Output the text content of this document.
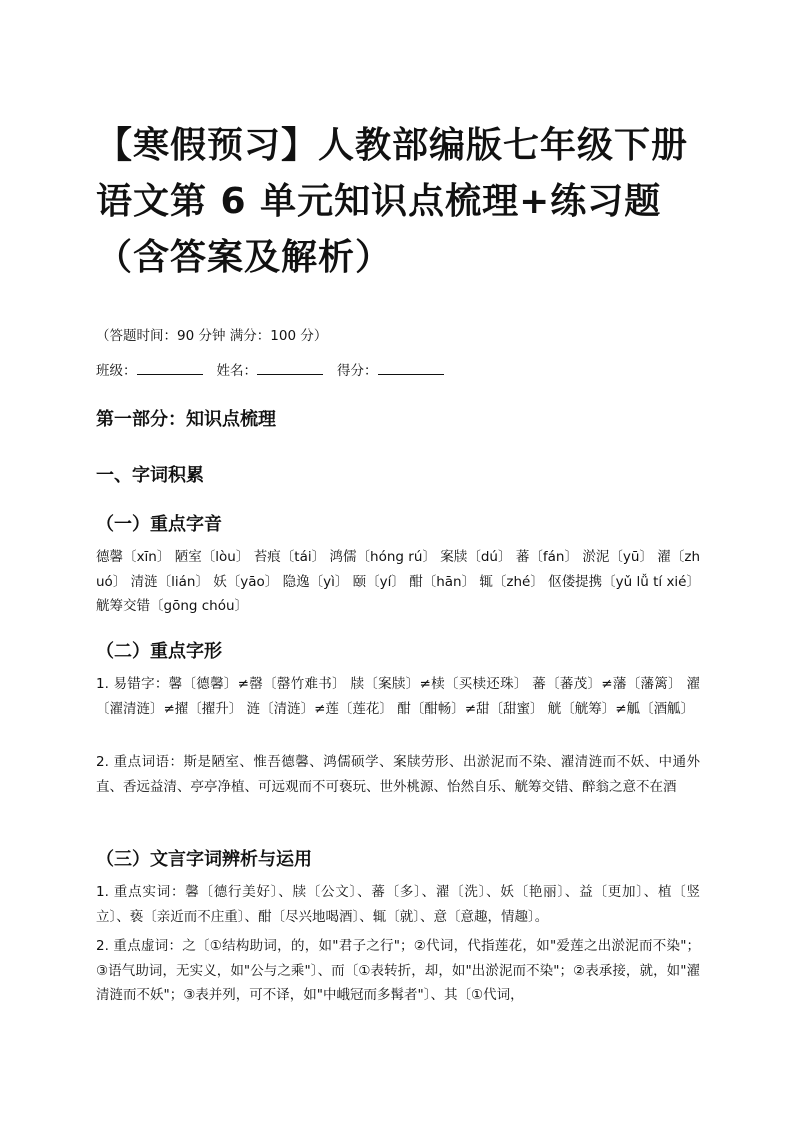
【寒假预习】人教部编版七年级下册语文第 6 单元知识点梳理+练习题（含答案及解析）
（答题时间：90 分钟 满分：100 分）
班级：	姓名：	得分：
第一部分：知识点梳理
一、字词积累
（一）重点字音

德馨〔xīn〕 陋室〔lòu〕 苔痕〔tái〕 鸿儒〔hóng rú〕 案牍〔dú〕 蕃〔fán〕 淤泥〔yū〕 濯〔zhuó〕 清涟〔lián〕 妖〔yāo〕 隐逸〔yì〕 颐〔yí〕 酣〔hān〕 辄〔zhé〕 伛偻提携〔yǔ lǚ tí xié〕 觥筹交错〔gōng chóu〕

（二）重点字形

1. 易错字：馨〔德馨〕≠罄〔罄竹难书〕 牍〔案牍〕≠椟〔买椟还珠〕 蕃〔蕃茂〕≠藩〔藩篱〕 濯〔濯清涟〕≠擢〔擢升〕 涟〔清涟〕≠莲〔莲花〕 酣〔酣畅〕≠甜〔甜蜜〕 觥〔觥筹〕≠觚〔酒觚〕

2. 重点词语：斯是陋室、惟吾德馨、鸿儒硕学、案牍劳形、出淤泥而不染、濯清涟而不妖、中通外直、香远益清、亭亭净植、可远观而不可亵玩、世外桃源、怡然自乐、觥筹交错、醉翁之意不在酒

（三）文言字词辨析与运用

1. 重点实词：馨〔德行美好〕、牍〔公文〕、蕃〔多〕、濯〔洗〕、妖〔艳丽〕、益〔更加〕、植〔竖立〕、亵〔亲近而不庄重〕、酣〔尽兴地喝酒〕、辄〔就〕、意〔意趣，情趣〕。

2. 重点虚词：之〔①结构助词，的，如"君子之行"；②代词，代指莲花，如"爱莲之出淤泥而不染"；③语气助词，无实义，如"公与之乘"〕、而〔①表转折，却，如"出淤泥而不染"；②表承接，就，如"濯清涟而不妖"；③表并列，可不译，如"中峨冠而多髯者"〕、其〔①代词，
